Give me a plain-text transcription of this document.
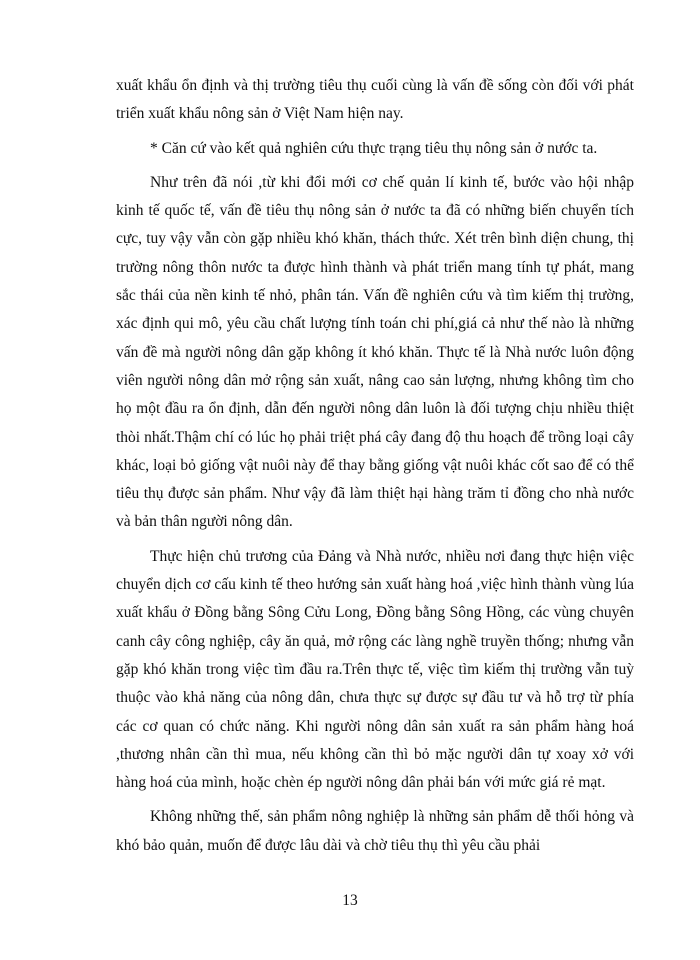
xuất khẩu ổn định và thị trường tiêu thụ cuối cùng là vấn đề sống còn đối với phát triển xuất khẩu nông sản ở Việt Nam hiện nay.

* Căn cứ vào kết quả nghiên cứu thực trạng tiêu thụ nông sản ở nước ta.

Như trên đã nói ,từ khi đổi mới cơ chế quản lí kinh tế, bước vào hội nhập kinh tế quốc tế, vấn đề tiêu thụ nông sản ở nước ta đã có những biến chuyển tích cực, tuy vậy vẫn còn gặp nhiều khó khăn, thách thức. Xét trên bình diện chung, thị trường nông thôn nước ta được hình thành và phát triển mang tính tự phát, mang sắc thái của nền kinh tế nhỏ, phân tán. Vấn đề nghiên cứu và tìm kiếm thị trường, xác định qui mô, yêu cầu chất lượng tính toán chi phí,giá cả như thế nào là những vấn đề mà người nông dân gặp không ít khó khăn. Thực tế là Nhà nước luôn động viên người nông dân mở rộng sản xuất, nâng cao sản lượng, nhưng không tìm cho họ một đầu ra ổn định, dẫn đến người nông dân luôn là đối tượng chịu nhiều thiệt thòi nhất.Thậm chí có lúc họ phải triệt phá cây đang độ thu hoạch để trồng loại cây khác, loại bỏ giống vật nuôi này để thay bằng giống vật nuôi khác cốt sao để có thể tiêu thụ được sản phẩm. Như vậy đã làm thiệt hại hàng trăm tỉ đồng cho nhà nước và bản thân người nông dân.

Thực hiện chủ trương của Đảng và Nhà nước, nhiều nơi đang thực hiện việc chuyển dịch cơ cấu kinh tế theo hướng sản xuất hàng hoá ,việc hình thành vùng lúa xuất khẩu ở Đồng bằng Sông Cửu Long, Đồng bằng Sông Hồng, các vùng chuyên canh cây công nghiệp, cây ăn quả, mở rộng các làng nghề truyền thống; nhưng vẫn gặp khó khăn trong việc tìm đầu ra.Trên thực tế, việc tìm kiếm thị trường vẫn tuỳ thuộc vào khả năng của nông dân, chưa thực sự được sự đầu tư và hỗ trợ từ phía các cơ quan có chức năng. Khi người nông dân sản xuất ra sản phẩm hàng hoá ,thương nhân cần thì mua, nếu không cần thì bỏ mặc người dân tự xoay xở với hàng hoá của mình, hoặc chèn ép người nông dân phải bán với mức giá rẻ mạt.

Không những thế, sản phẩm nông nghiệp là những sản phẩm dễ thối hỏng và khó bảo quản, muốn để được lâu dài và chờ tiêu thụ thì yêu cầu phải

13
